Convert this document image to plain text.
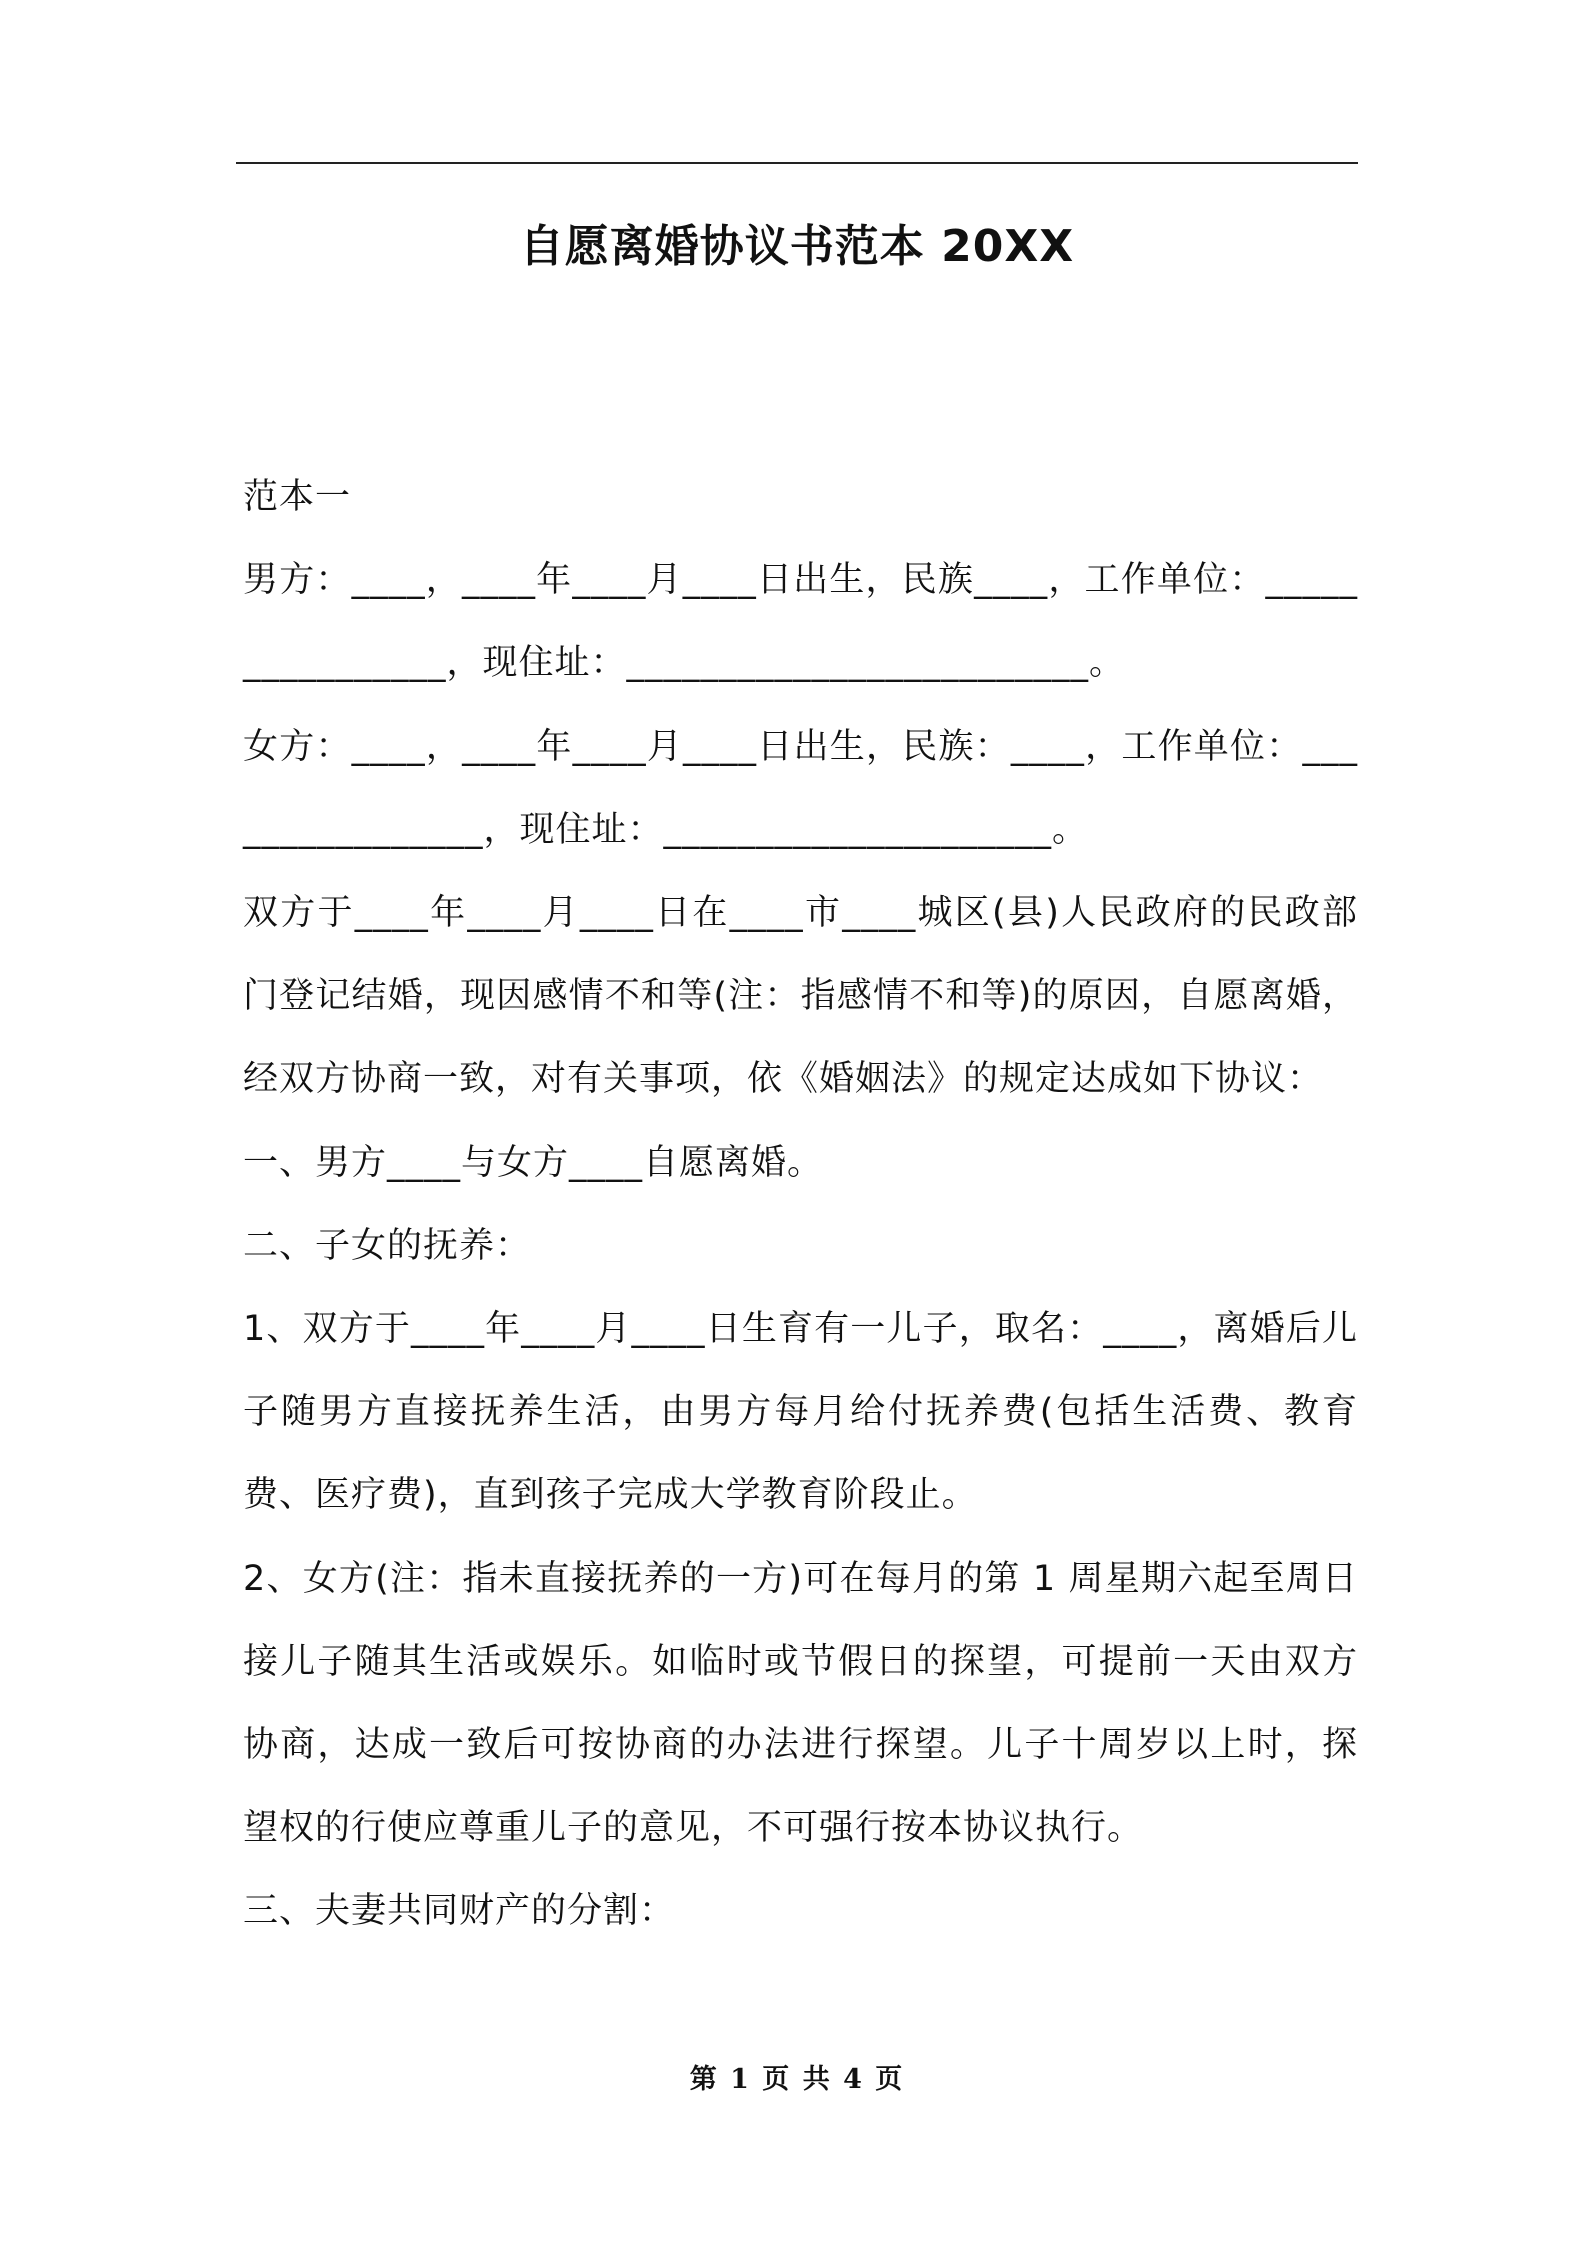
自愿离婚协议书范本 20XX

范本一

男方：____，____年____月____日出生，民族____，工作单位：________________，现住址：_________________________。

女方：____，____年____月____日出生，民族：____，工作单位：________________，现住址：_____________________。

双方于____年____月____日在____市____城区(县)人民政府的民政部门登记结婚，现因感情不和等(注：指感情不和等)的原因，自愿离婚，经双方协商一致，对有关事项，依《婚姻法》的规定达成如下协议：

一、男方____与女方____自愿离婚。

二、子女的抚养：

1、双方于____年____月____日生育有一儿子，取名：____，离婚后儿子随男方直接抚养生活，由男方每月给付抚养费(包括生活费、教育费、医疗费)，直到孩子完成大学教育阶段止。

2、女方(注：指未直接抚养的一方)可在每月的第 1 周星期六起至周日接儿子随其生活或娱乐。如临时或节假日的探望，可提前一天由双方协商，达成一致后可按协商的办法进行探望。儿子十周岁以上时，探望权的行使应尊重儿子的意见，不可强行按本协议执行。

三、夫妻共同财产的分割：

第 1 页 共 4 页
